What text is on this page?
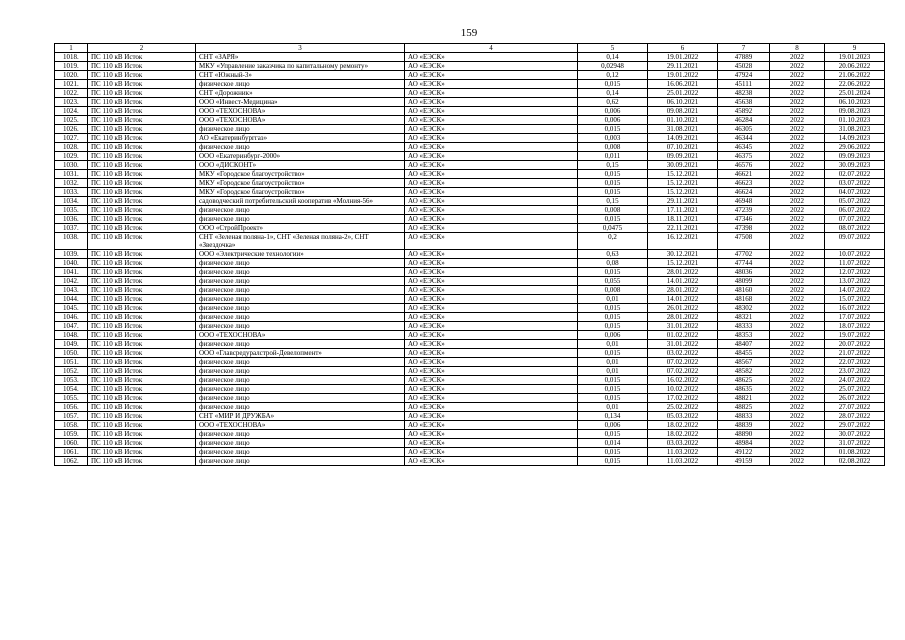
159
1	2	3	4	5	6	7	8	9
1018.	ПС 110 кВ Исток	СНТ «ЗАРЯ»	АО «ЕЭСК»	0,14	19.01.2022	47889	2022	19.01.2023
1019.	ПС 110 кВ Исток	МКУ «Управление заказчика по капитальному ремонту»	АО «ЕЭСК»	0,02948	29.11.2021	45028	2022	20.06.2022
1020.	ПС 110 кВ Исток	СНТ «Южный-3»	АО «ЕЭСК»	0,12	19.01.2022	47924	2022	21.06.2022
1021.	ПС 110 кВ Исток	физическое лицо	АО «ЕЭСК»	0,015	16.06.2021	45111	2022	22.06.2022
1022.	ПС 110 кВ Исток	СНТ «Дорожник»	АО «ЕЭСК»	0,14	25.01.2022	48238	2022	25.01.2024
1023.	ПС 110 кВ Исток	ООО «Инвест-Медицина»	АО «ЕЭСК»	0,62	06.10.2021	45638	2022	06.10.2023
1024.	ПС 110 кВ Исток	ООО «ТЕХОСНОВА»	АО «ЕЭСК»	0,006	09.08.2021	45892	2022	09.08.2023
1025.	ПС 110 кВ Исток	ООО «ТЕХОСНОВА»	АО «ЕЭСК»	0,006	01.10.2021	46284	2022	01.10.2023
1026.	ПС 110 кВ Исток	физическое лицо	АО «ЕЭСК»	0,015	31.08.2021	46305	2022	31.08.2023
1027.	ПС 110 кВ Исток	АО «Екатеринбурггаз»	АО «ЕЭСК»	0,003	14.09.2021	46344	2022	14.09.2023
1028.	ПС 110 кВ Исток	физическое лицо	АО «ЕЭСК»	0,008	07.10.2021	46345	2022	29.06.2022
1029.	ПС 110 кВ Исток	ООО «Екатеринбург-2000»	АО «ЕЭСК»	0,011	09.09.2021	46375	2022	09.09.2023
1030.	ПС 110 кВ Исток	ООО «ДИСКОНТ»	АО «ЕЭСК»	0,15	30.09.2021	46576	2022	30.09.2023
1031.	ПС 110 кВ Исток	МКУ «Городское благоустройство»	АО «ЕЭСК»	0,015	15.12.2021	46621	2022	02.07.2022
1032.	ПС 110 кВ Исток	МКУ «Городское благоустройство»	АО «ЕЭСК»	0,015	15.12.2021	46623	2022	03.07.2022
1033.	ПС 110 кВ Исток	МКУ «Городское благоустройство»	АО «ЕЭСК»	0,015	15.12.2021	46624	2022	04.07.2022
1034.	ПС 110 кВ Исток	садоводческий потребительский кооператив «Молния-56»	АО «ЕЭСК»	0,15	29.11.2021	46948	2022	05.07.2022
1035.	ПС 110 кВ Исток	физическое лицо	АО «ЕЭСК»	0,008	17.11.2021	47239	2022	06.07.2022
1036.	ПС 110 кВ Исток	физическое лицо	АО «ЕЭСК»	0,015	18.11.2021	47346	2022	07.07.2022
1037.	ПС 110 кВ Исток	ООО «СтройПроект»	АО «ЕЭСК»	0,0475	22.11.2021	47398	2022	08.07.2022
1038.	ПС 110 кВ Исток	СНТ «Зеленая поляна-1», СНТ «Зеленая поляна-2», СНТ «Звездочка»	АО «ЕЭСК»	0,2	16.12.2021	47508	2022	09.07.2022
1039.	ПС 110 кВ Исток	ООО «Электрические технологии»	АО «ЕЭСК»	0,63	30.12.2021	47702	2022	10.07.2022
1040.	ПС 110 кВ Исток	физическое лицо	АО «ЕЭСК»	0,08	15.12.2021	47744	2022	11.07.2022
1041.	ПС 110 кВ Исток	физическое лицо	АО «ЕЭСК»	0,015	28.01.2022	48036	2022	12.07.2022
1042.	ПС 110 кВ Исток	физическое лицо	АО «ЕЭСК»	0,055	14.01.2022	48099	2022	13.07.2022
1043.	ПС 110 кВ Исток	физическое лицо	АО «ЕЭСК»	0,008	28.01.2022	48160	2022	14.07.2022
1044.	ПС 110 кВ Исток	физическое лицо	АО «ЕЭСК»	0,01	14.01.2022	48168	2022	15.07.2022
1045.	ПС 110 кВ Исток	физическое лицо	АО «ЕЭСК»	0,015	26.01.2022	48302	2022	16.07.2022
1046.	ПС 110 кВ Исток	физическое лицо	АО «ЕЭСК»	0,015	28.01.2022	48321	2022	17.07.2022
1047.	ПС 110 кВ Исток	физическое лицо	АО «ЕЭСК»	0,015	31.01.2022	48333	2022	18.07.2022
1048.	ПС 110 кВ Исток	ООО «ТЕХОСНОВА»	АО «ЕЭСК»	0,006	01.02.2022	48353	2022	19.07.2022
1049.	ПС 110 кВ Исток	физическое лицо	АО «ЕЭСК»	0,01	31.01.2022	48407	2022	20.07.2022
1050.	ПС 110 кВ Исток	ООО «Главсредуралстрой-Девелопмент»	АО «ЕЭСК»	0,015	03.02.2022	48455	2022	21.07.2022
1051.	ПС 110 кВ Исток	физическое лицо	АО «ЕЭСК»	0,01	07.02.2022	48567	2022	22.07.2022
1052.	ПС 110 кВ Исток	физическое лицо	АО «ЕЭСК»	0,01	07.02.2022	48582	2022	23.07.2022
1053.	ПС 110 кВ Исток	физическое лицо	АО «ЕЭСК»	0,015	16.02.2022	48625	2022	24.07.2022
1054.	ПС 110 кВ Исток	физическое лицо	АО «ЕЭСК»	0,015	10.02.2022	48635	2022	25.07.2022
1055.	ПС 110 кВ Исток	физическое лицо	АО «ЕЭСК»	0,015	17.02.2022	48821	2022	26.07.2022
1056.	ПС 110 кВ Исток	физическое лицо	АО «ЕЭСК»	0,01	25.02.2022	48825	2022	27.07.2022
1057.	ПС 110 кВ Исток	СНТ «МИР И ДРУЖБА»	АО «ЕЭСК»	0,134	05.03.2022	48833	2022	28.07.2022
1058.	ПС 110 кВ Исток	ООО «ТЕХОСНОВА»	АО «ЕЭСК»	0,006	18.02.2022	48839	2022	29.07.2022
1059.	ПС 110 кВ Исток	физическое лицо	АО «ЕЭСК»	0,015	18.02.2022	48890	2022	30.07.2022
1060.	ПС 110 кВ Исток	физическое лицо	АО «ЕЭСК»	0,014	03.03.2022	48984	2022	31.07.2022
1061.	ПС 110 кВ Исток	физическое лицо	АО «ЕЭСК»	0,015	11.03.2022	49122	2022	01.08.2022
1062.	ПС 110 кВ Исток	физическое лицо	АО «ЕЭСК»	0,015	11.03.2022	49159	2022	02.08.2022
